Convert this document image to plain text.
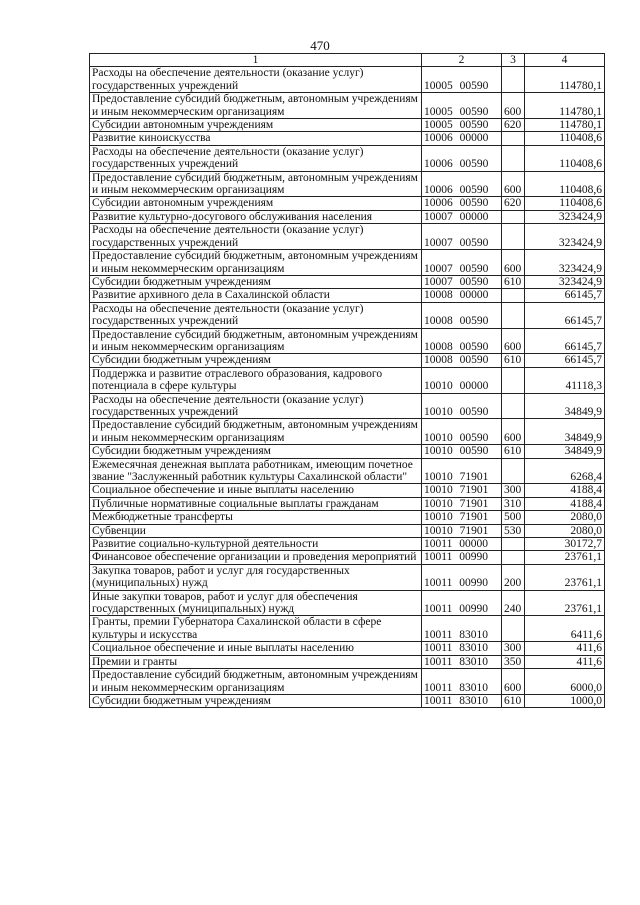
470
1	2	3	4
Расходы на обеспечение деятельности (оказание услуг) государственных учреждений	10005 00590		114780,1
Предоставление субсидий бюджетным, автономным учреждениям и иным некоммерческим организациям	10005 00590	600	114780,1
Субсидии автономным учреждениям	10005 00590	620	114780,1
Развитие киноискусства	10006 00000		110408,6
Расходы на обеспечение деятельности (оказание услуг) государственных учреждений	10006 00590		110408,6
Предоставление субсидий бюджетным, автономным учреждениям и иным некоммерческим организациям	10006 00590	600	110408,6
Субсидии автономным учреждениям	10006 00590	620	110408,6
Развитие культурно-досугового обслуживания населения	10007 00000		323424,9
Расходы на обеспечение деятельности (оказание услуг) государственных учреждений	10007 00590		323424,9
Предоставление субсидий бюджетным, автономным учреждениям и иным некоммерческим организациям	10007 00590	600	323424,9
Субсидии бюджетным учреждениям	10007 00590	610	323424,9
Развитие архивного дела в Сахалинской области	10008 00000		66145,7
Расходы на обеспечение деятельности (оказание услуг) государственных учреждений	10008 00590		66145,7
Предоставление субсидий бюджетным, автономным учреждениям и иным некоммерческим организациям	10008 00590	600	66145,7
Субсидии бюджетным учреждениям	10008 00590	610	66145,7
Поддержка и развитие отраслевого образования, кадрового потенциала в сфере культуры	10010 00000		41118,3
Расходы на обеспечение деятельности (оказание услуг) государственных учреждений	10010 00590		34849,9
Предоставление субсидий бюджетным, автономным учреждениям и иным некоммерческим организациям	10010 00590	600	34849,9
Субсидии бюджетным учреждениям	10010 00590	610	34849,9
Ежемесячная денежная выплата работникам, имеющим почетное звание "Заслуженный работник культуры Сахалинской области"	10010 71901		6268,4
Социальное обеспечение и иные выплаты населению	10010 71901	300	4188,4
Публичные нормативные социальные выплаты гражданам	10010 71901	310	4188,4
Межбюджетные трансферты	10010 71901	500	2080,0
Субвенции	10010 71901	530	2080,0
Развитие социально-культурной деятельности	10011 00000		30172,7
Финансовое обеспечение организации и проведения мероприятий	10011 00990		23761,1
Закупка товаров, работ и услуг для государственных (муниципальных) нужд	10011 00990	200	23761,1
Иные закупки товаров, работ и услуг для обеспечения государственных (муниципальных) нужд	10011 00990	240	23761,1
Гранты, премии Губернатора Сахалинской области в сфере культуры и искусства	10011 83010		6411,6
Социальное обеспечение и иные выплаты населению	10011 83010	300	411,6
Премии и гранты	10011 83010	350	411,6
Предоставление субсидий бюджетным, автономным учреждениям и иным некоммерческим организациям	10011 83010	600	6000,0
Субсидии бюджетным учреждениям	10011 83010	610	1000,0
